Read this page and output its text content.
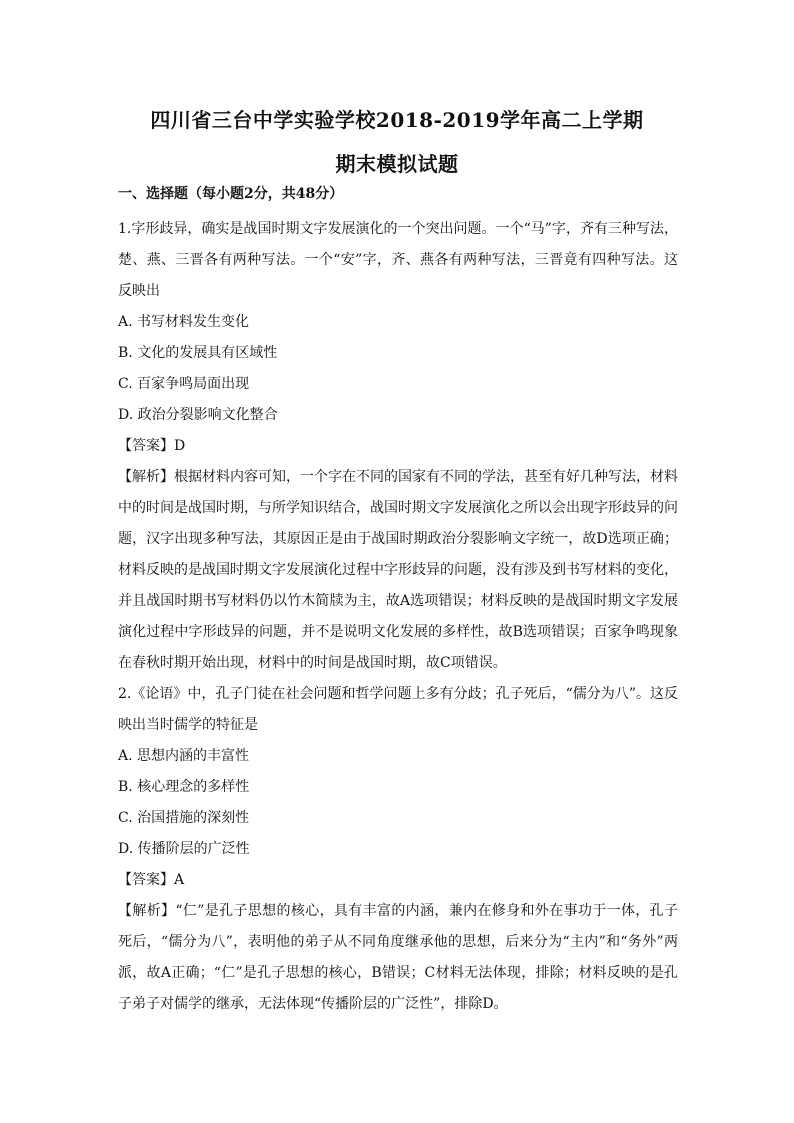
四川省三台中学实验学校2018-2019学年高二上学期
期末模拟试题
一、选择题（每小题2分，共48分）

1.字形歧异，确实是战国时期文字发展演化的一个突出问题。一个“马”字，齐有三种写法，楚、燕、三晋各有两种写法。一个“安”字，齐、燕各有两种写法，三晋竟有四种写法。这反映出

A. 书写材料发生变化

B. 文化的发展具有区域性

C. 百家争鸣局面出现

D. 政治分裂影响文化整合

【答案】D

【解析】根据材料内容可知，一个字在不同的国家有不同的学法，甚至有好几种写法，材料中的时间是战国时期，与所学知识结合，战国时期文字发展演化之所以会出现字形歧异的问题，汉字出现多种写法，其原因正是由于战国时期政治分裂影响文字统一，故D选项正确；材料反映的是战国时期文字发展演化过程中字形歧异的问题，没有涉及到书写材料的变化，并且战国时期书写材料仍以竹木简牍为主，故A选项错误；材料反映的是战国时期文字发展演化过程中字形歧异的问题，并不是说明文化发展的多样性，故B选项错误；百家争鸣现象在春秋时期开始出现，材料中的时间是战国时期，故C项错误。

2.《论语》中，孔子门徒在社会问题和哲学问题上多有分歧；孔子死后，“儒分为八”。这反映出当时儒学的特征是

A. 思想内涵的丰富性

B. 核心理念的多样性

C. 治国措施的深刻性

D. 传播阶层的广泛性

【答案】A

【解析】“仁”是孔子思想的核心，具有丰富的内涵，兼内在修身和外在事功于一体，孔子死后，“儒分为八”，表明他的弟子从不同角度继承他的思想，后来分为“主内”和“务外”两派，故A正确；“仁”是孔子思想的核心，B错误；C材料无法体现，排除；材料反映的是孔子弟子对儒学的继承，无法体现“传播阶层的广泛性”，排除D。
